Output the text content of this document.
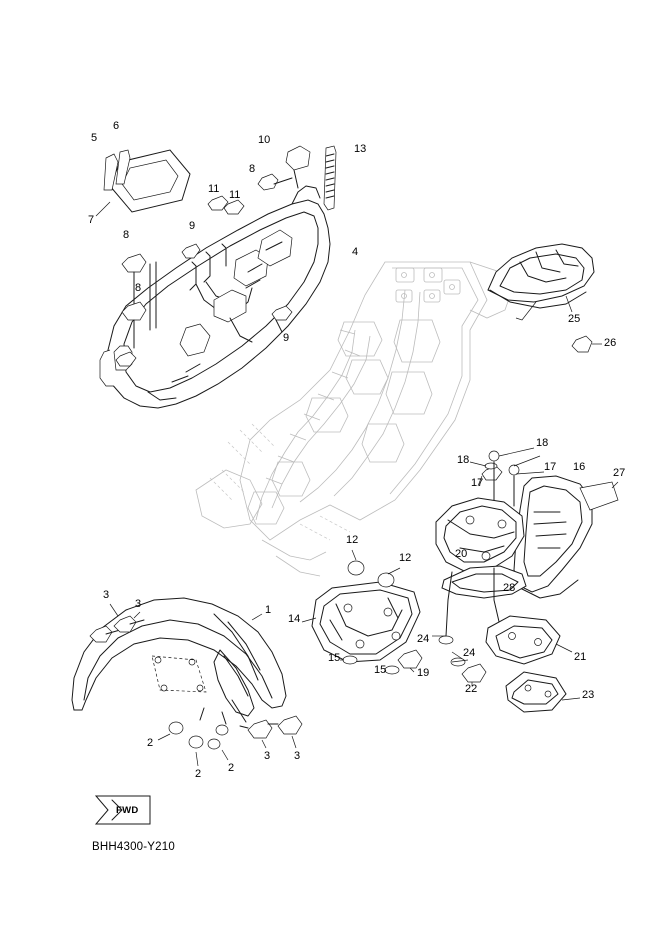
5
6
7
8
8
8
9
9
10
11 11
13
4
25
26
18
18
17
17
16	27
20
28
12
12
14
24
24
19
15
15
22
21
23
1
3
3
2
2 2
3 3
FWD
BHH4300-Y210
